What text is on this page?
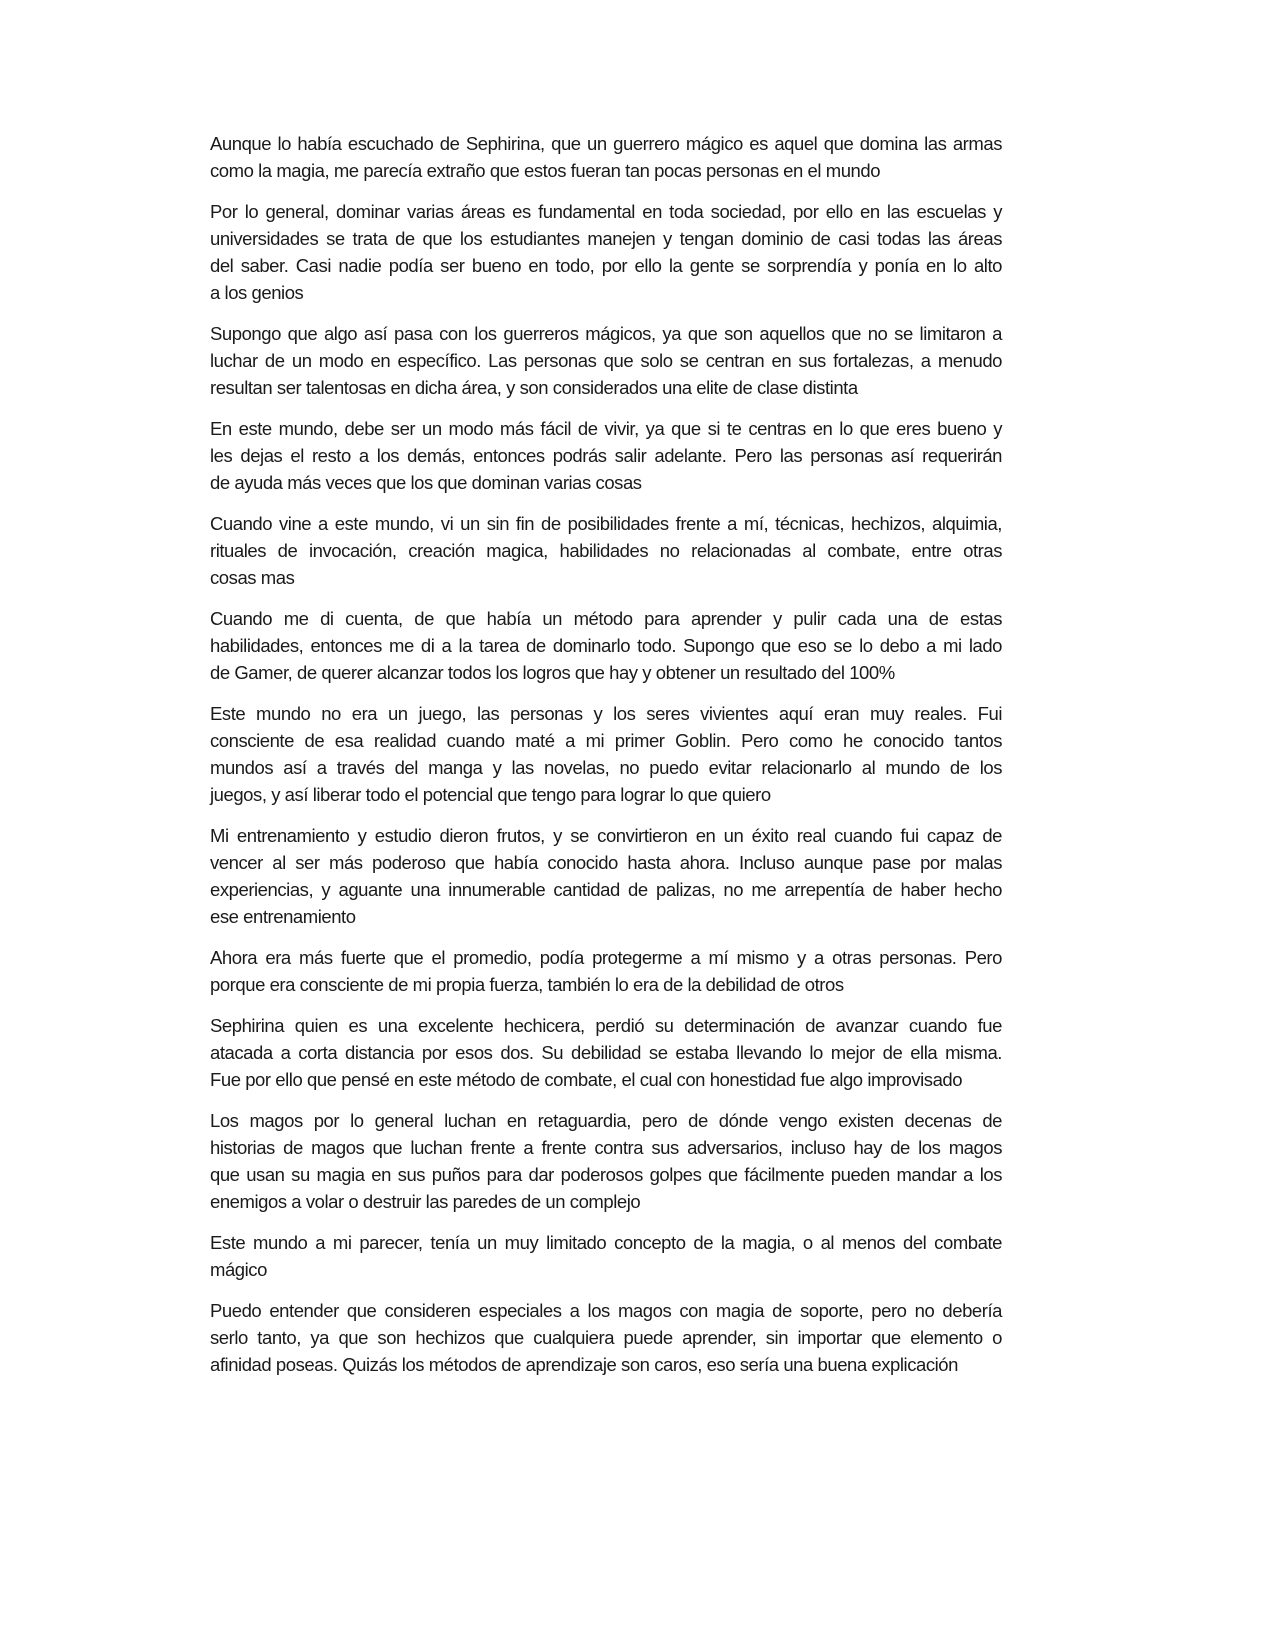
Aunque lo había escuchado de Sephirina, que un guerrero mágico es aquel que domina las armas
como la magia, me parecía extraño que estos fueran tan pocas personas en el mundo

Por lo general, dominar varias áreas es fundamental en toda sociedad, por ello en las escuelas y
universidades se trata de que los estudiantes manejen y tengan dominio de casi todas las áreas
del saber. Casi nadie podía ser bueno en todo, por ello la gente se sorprendía y ponía en lo alto
a los genios

Supongo que algo así pasa con los guerreros mágicos, ya que son aquellos que no se limitaron a
luchar de un modo en específico. Las personas que solo se centran en sus fortalezas, a menudo
resultan ser talentosas en dicha área, y son considerados una elite de clase distinta

En este mundo, debe ser un modo más fácil de vivir, ya que si te centras en lo que eres bueno y
les dejas el resto a los demás, entonces podrás salir adelante. Pero las personas así requerirán
de ayuda más veces que los que dominan varias cosas

Cuando vine a este mundo, vi un sin fin de posibilidades frente a mí, técnicas, hechizos, alquimia,
rituales de invocación, creación magica, habilidades no relacionadas al combate, entre otras
cosas mas

Cuando me di cuenta, de que había un método para aprender y pulir cada una de estas
habilidades, entonces me di a la tarea de dominarlo todo. Supongo que eso se lo debo a mi lado
de Gamer, de querer alcanzar todos los logros que hay y obtener un resultado del 100%

Este mundo no era un juego, las personas y los seres vivientes aquí eran muy reales. Fui
consciente de esa realidad cuando maté a mi primer Goblin. Pero como he conocido tantos
mundos así a través del manga y las novelas, no puedo evitar relacionarlo al mundo de los
juegos, y así liberar todo el potencial que tengo para lograr lo que quiero

Mi entrenamiento y estudio dieron frutos, y se convirtieron en un éxito real cuando fui capaz de
vencer al ser más poderoso que había conocido hasta ahora. Incluso aunque pase por malas
experiencias, y aguante una innumerable cantidad de palizas, no me arrepentía de haber hecho
ese entrenamiento

Ahora era más fuerte que el promedio, podía protegerme a mí mismo y a otras personas. Pero
porque era consciente de mi propia fuerza, también lo era de la debilidad de otros

Sephirina quien es una excelente hechicera, perdió su determinación de avanzar cuando fue
atacada a corta distancia por esos dos. Su debilidad se estaba llevando lo mejor de ella misma.
Fue por ello que pensé en este método de combate, el cual con honestidad fue algo improvisado

Los magos por lo general luchan en retaguardia, pero de dónde vengo existen decenas de
historias de magos que luchan frente a frente contra sus adversarios, incluso hay de los magos
que usan su magia en sus puños para dar poderosos golpes que fácilmente pueden mandar a los
enemigos a volar o destruir las paredes de un complejo

Este mundo a mi parecer, tenía un muy limitado concepto de la magia, o al menos del combate
mágico

Puedo entender que consideren especiales a los magos con magia de soporte, pero no debería
serlo tanto, ya que son hechizos que cualquiera puede aprender, sin importar que elemento o
afinidad poseas. Quizás los métodos de aprendizaje son caros, eso sería una buena explicación
